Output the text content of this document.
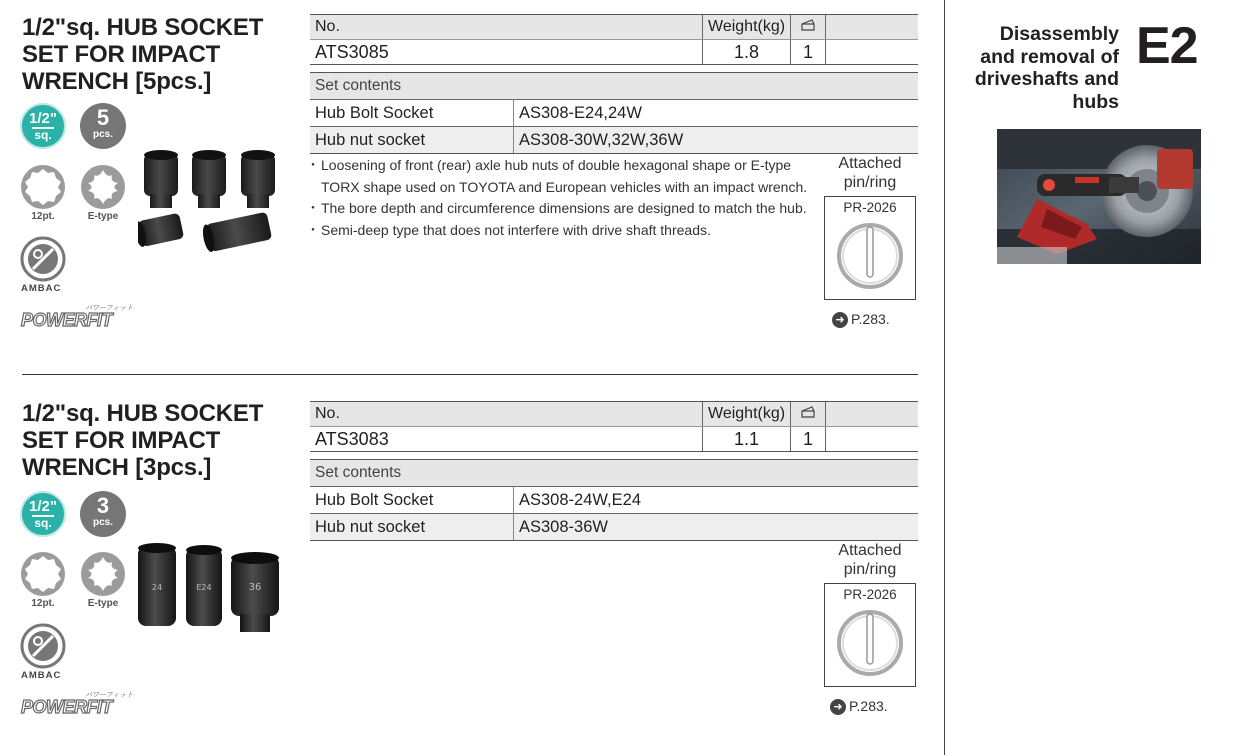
Disassembly
and removal of
driveshafts and
hubs
E2
1/2"sq. HUB SOCKET
SET FOR IMPACT
WRENCH [5pcs.]
1/2"
sq.
5
pcs.
12pt.	E-type
AMBAC
パワーフィット
POWERFIT
No.	Weight(kg)		
ATS3085	1.8	1	
Set contents	
Hub Bolt Socket	AS308-E24,24W
Hub nut socket	AS308-30W,32W,36W
・ Loosening of front (rear) axle hub nuts of double hexagonal shape or E-type TORX shape used on TOYOTA and European vehicles with an impact wrench.
・ The bore depth and circumference dimensions are designed to match the hub.
・ Semi-deep type that does not interfere with drive shaft threads.
Attached
pin/ring
PR-2026
➜ P.283.
1/2"sq. HUB SOCKET
SET FOR IMPACT
WRENCH [3pcs.]
1/2"
sq.
3
pcs.
12pt.	E-type
AMBAC
パワーフィット
POWERFIT
24	E24	36
No.	Weight(kg)		
ATS3083	1.1	1	
Set contents	
Hub Bolt Socket	AS308-24W,E24
Hub nut socket	AS308-36W
Attached
pin/ring
PR-2026
➜ P.283.
